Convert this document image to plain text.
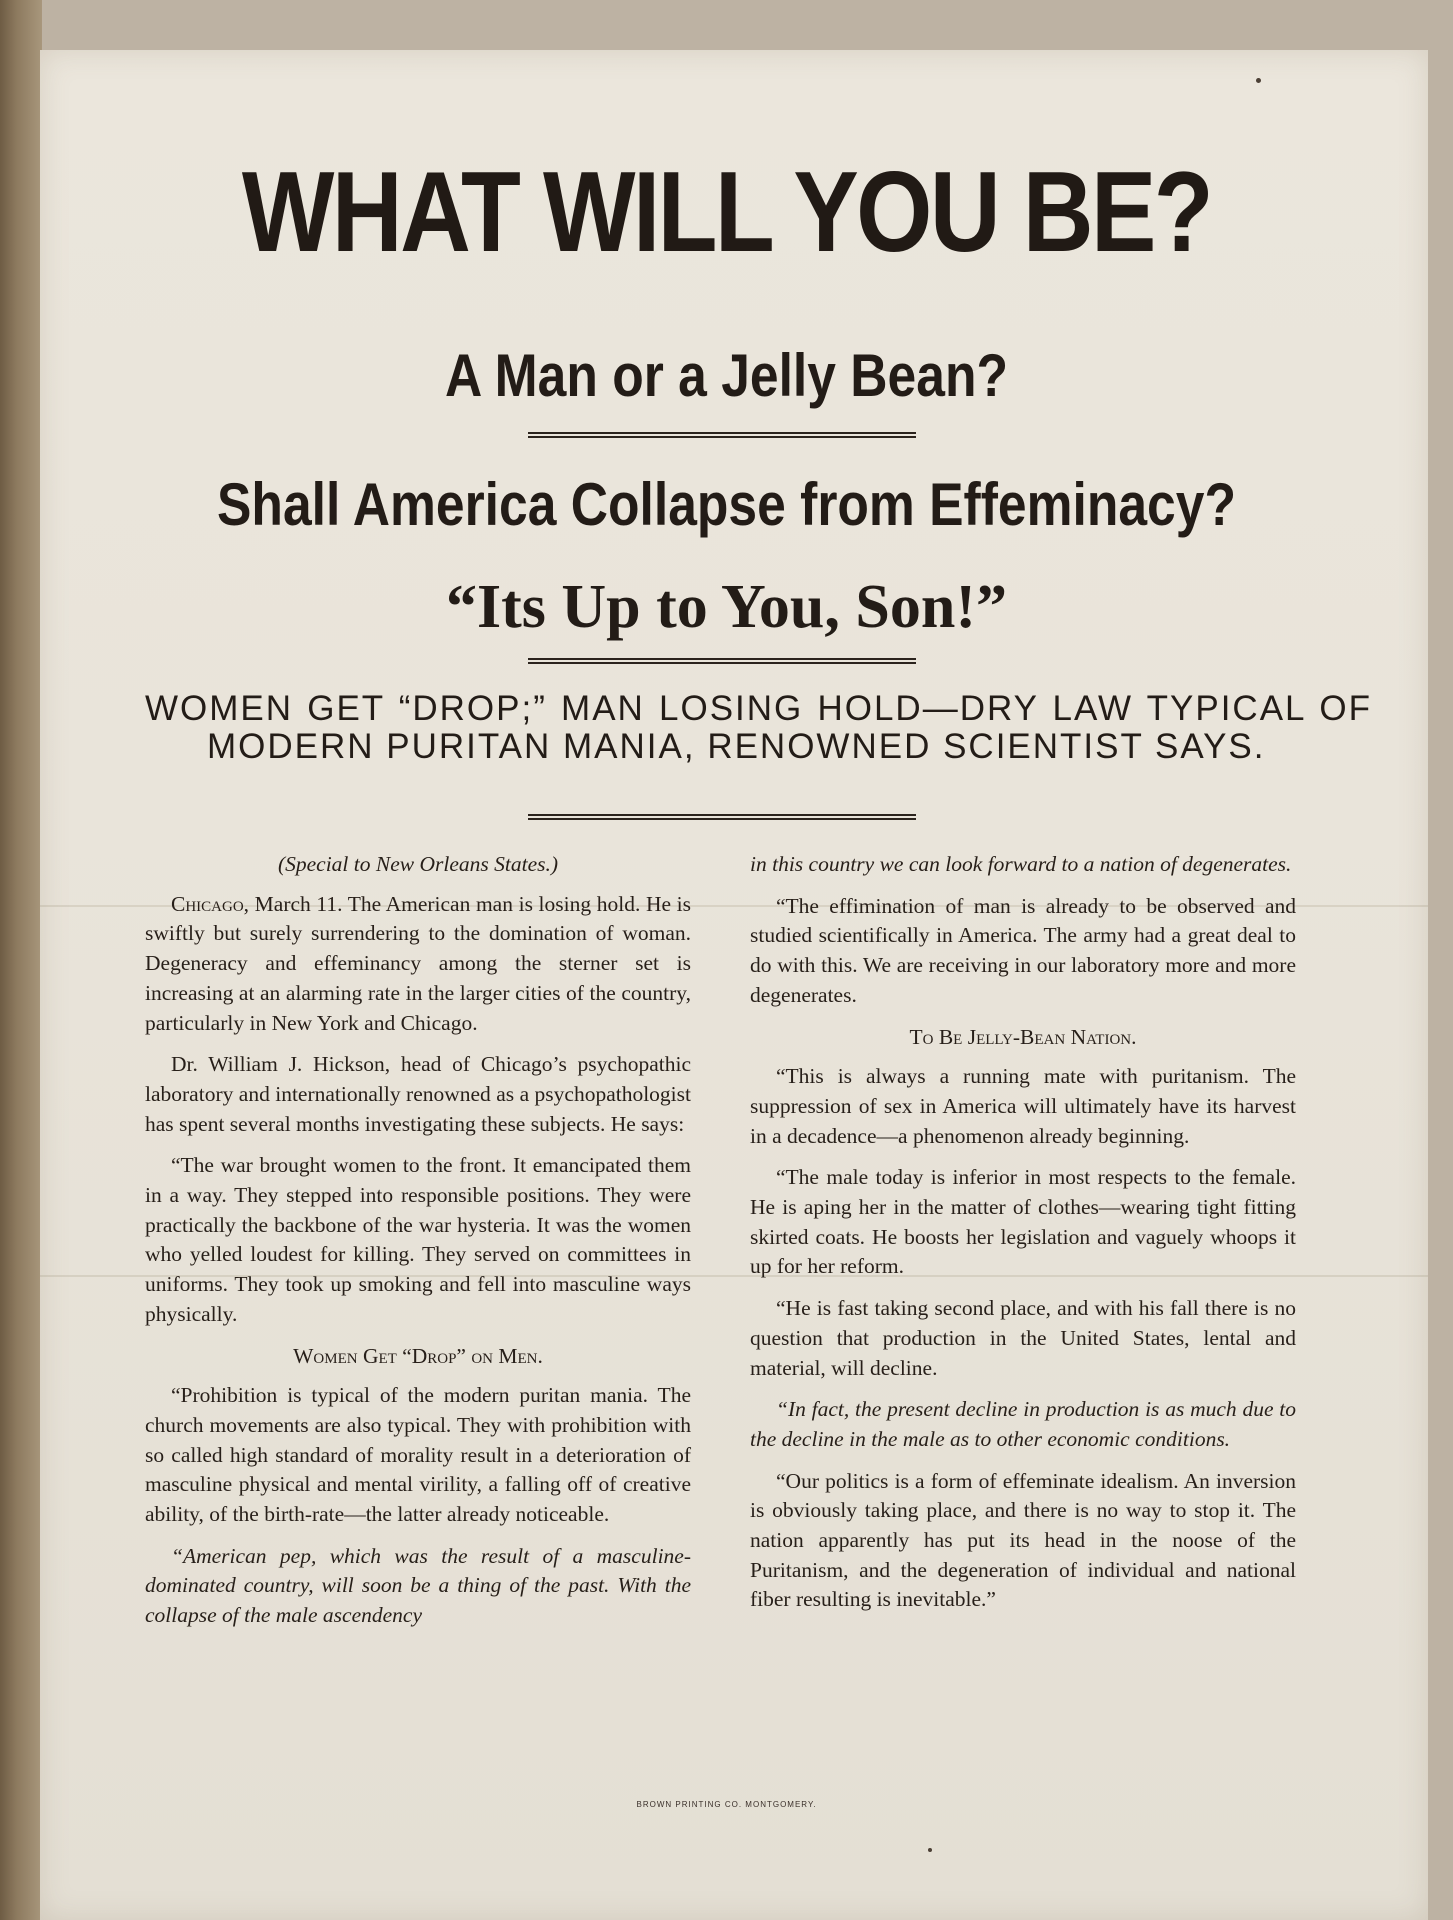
WHAT WILL YOU BE?
A Man or a Jelly Bean?
Shall America Collapse from Effeminacy?
“Its Up to You, Son!”
WOMEN GET “DROP;” MAN LOSING HOLD—DRY LAW TYPICAL OF MODERN PURITAN MANIA, RENOWNED SCIENTIST SAYS.

(Special to New Orleans States.)

Chicago, March 11. The American man is losing hold. He is swiftly but surely surrendering to the domination of woman. Degeneracy and effeminancy among the sterner set is increasing at an alarming rate in the larger cities of the country, particularly in New York and Chicago.

Dr. William J. Hickson, head of Chicago’s psychopathic laboratory and internationally renowned as a psychopathologist has spent several months investigating these subjects. He says:

“The war brought women to the front. It emancipated them in a way. They stepped into responsible positions. They were practically the backbone of the war hysteria. It was the women who yelled loudest for killing. They served on committees in uniforms. They took up smoking and fell into masculine ways physically.

Women Get “Drop” on Men.

“Prohibition is typical of the modern puritan mania. The church movements are also typical. They with prohibition with so called high standard of morality result in a deterioration of masculine physical and mental virility, a falling off of creative ability, of the birth-rate—the latter already noticeable.

“American pep, which was the result of a masculine-dominated country, will soon be a thing of the past. With the collapse of the male ascendency

in this country we can look forward to a nation of degenerates.

“The effimination of man is already to be observed and studied scientifically in America. The army had a great deal to do with this. We are receiving in our laboratory more and more degenerates.

To Be Jelly-Bean Nation.

“This is always a running mate with puritanism. The suppression of sex in America will ultimately have its harvest in a decadence—a phenomenon already beginning.

“The male today is inferior in most respects to the female. He is aping her in the matter of clothes—wearing tight fitting skirted coats. He boosts her legislation and vaguely whoops it up for her reform.

“He is fast taking second place, and with his fall there is no question that production in the United States, lental and material, will decline.

“In fact, the present decline in production is as much due to the decline in the male as to other economic conditions.

“Our politics is a form of effeminate idealism. An inversion is obviously taking place, and there is no way to stop it. The nation apparently has put its head in the noose of the Puritanism, and the degeneration of individual and national fiber resulting is inevitable.”

BROWN PRINTING CO. MONTGOMERY.
